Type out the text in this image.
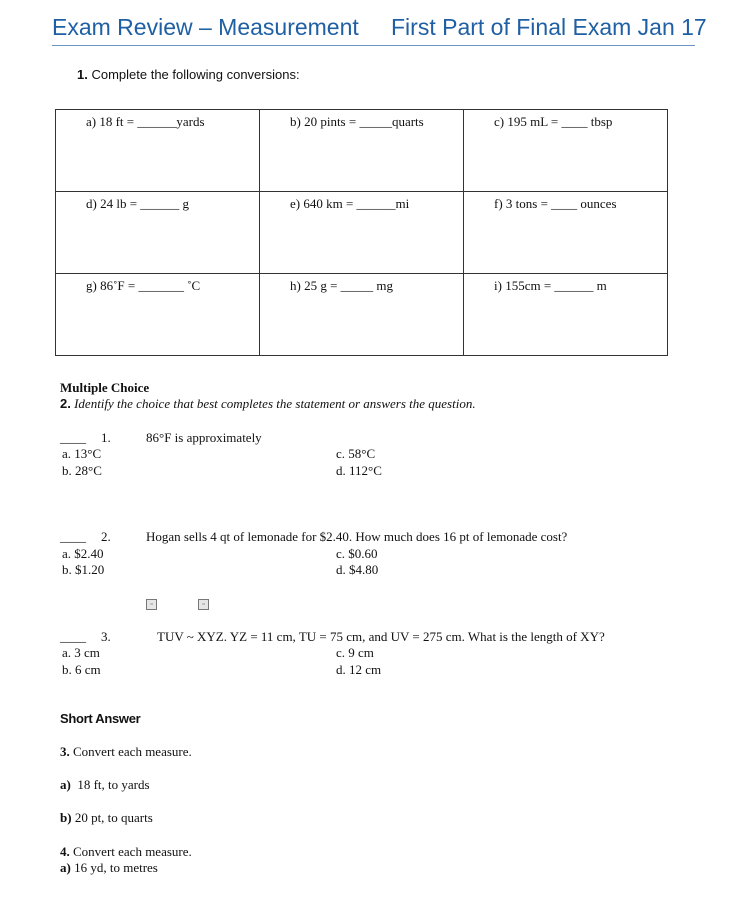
Exam Review – Measurement First Part of Final Exam Jan 17
1. Complete the following conversions:
a) 18 ft = ______yards	b) 20 pints = _____quarts	c) 195 mL = ____ tbsp
d) 24 lb = ______ g	e) 640 km = ______mi	f) 3 tons = ____ ounces
g) 86˚F = _______ ˚C	h) 25 g = _____ mg	i) 155cm = ______ m
Multiple Choice
2. Identify the choice that best completes the statement or answers the question.
____ 1.	86°F is approximately
a. 13°C
b. 28°C
c. 58°C
d. 112°C
____ 2.	Hogan sells 4 qt of lemonade for $2.40. How much does 16 pt of lemonade cost?
a. $2.40
b. $1.20
c. $0.60
d. $4.80
▫	▫
____ 3.	TUV ~ XYZ. YZ = 11 cm, TU = 75 cm, and UV = 275 cm. What is the length of XY?
a. 3 cm
b. 6 cm
c. 9 cm
d. 12 cm
Short Answer
3. Convert each measure.
a) 18 ft, to yards
b) 20 pt, to quarts
4. Convert each measure.
a) 16 yd, to metres
